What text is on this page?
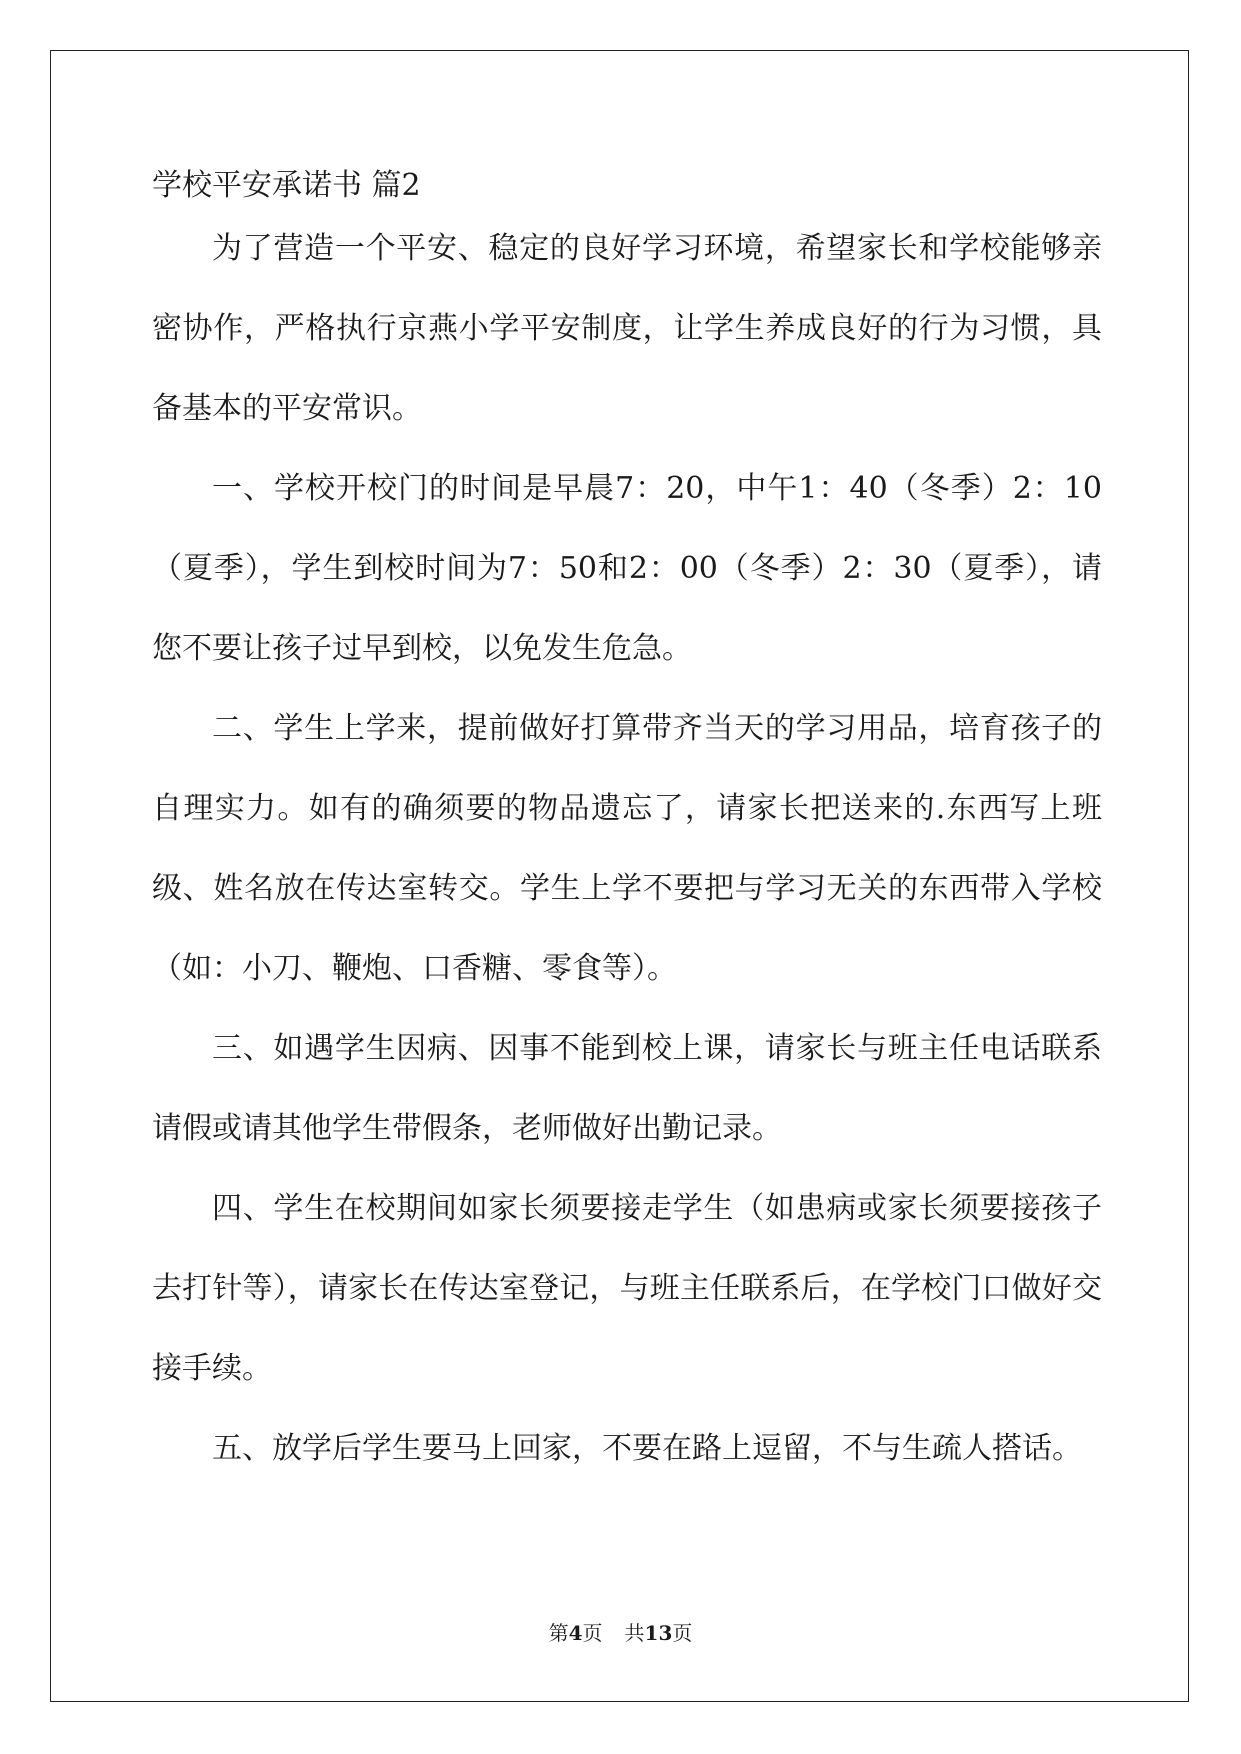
学校平安承诺书 篇2

为了营造一个平安、稳定的良好学习环境，希望家长和学校能够亲密协作，严格执行京燕小学平安制度，让学生养成良好的行为习惯，具备基本的平安常识。

一、学校开校门的时间是早晨7：20，中午1：40（冬季）2：10（夏季），学生到校时间为7：50和2：00（冬季）2：30（夏季），请您不要让孩子过早到校，以免发生危急。

二、学生上学来，提前做好打算带齐当天的学习用品，培育孩子的自理实力。如有的确须要的物品遗忘了，请家长把送来的.东西写上班级、姓名放在传达室转交。学生上学不要把与学习无关的东西带入学校（如：小刀、鞭炮、口香糖、零食等）。

三、如遇学生因病、因事不能到校上课，请家长与班主任电话联系请假或请其他学生带假条，老师做好出勤记录。

四、学生在校期间如家长须要接走学生（如患病或家长须要接孩子去打针等），请家长在传达室登记，与班主任联系后，在学校门口做好交接手续。

五、放学后学生要马上回家，不要在路上逗留，不与生疏人搭话。

第4页 共13页
